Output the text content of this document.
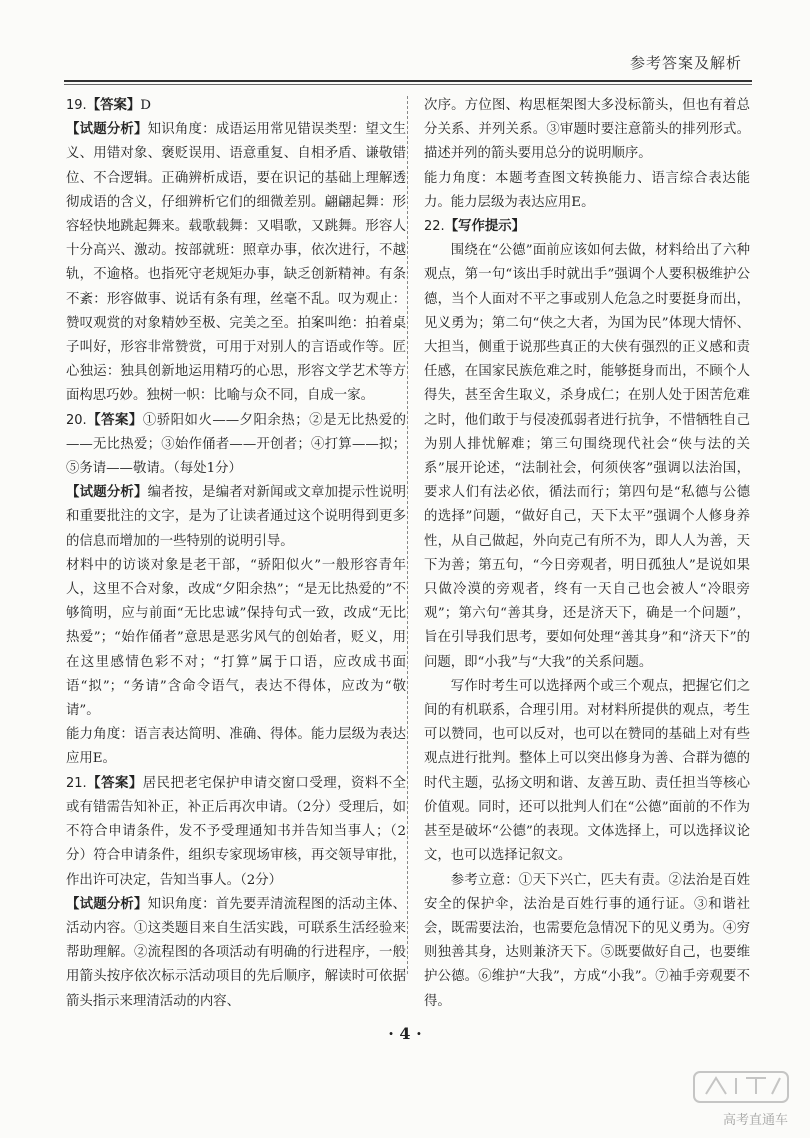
参考答案及解析

19.【答案】D

【试题分析】知识角度：成语运用常见错误类型：望文生义、用错对象、褒贬误用、语意重复、自相矛盾、谦敬错位、不合逻辑。正确辨析成语，要在识记的基础上理解透彻成语的含义，仔细辨析它们的细微差别。翩翩起舞：形容轻快地跳起舞来。载歌载舞：又唱歌，又跳舞。形容人十分高兴、激动。按部就班：照章办事，依次进行，不越轨，不逾格。也指死守老规矩办事，缺乏创新精神。有条不紊：形容做事、说话有条有理，丝毫不乱。叹为观止：赞叹观赏的对象精妙至极、完美之至。拍案叫绝：拍着桌子叫好，形容非常赞赏，可用于对别人的言语或作等。匠心独运：独具创新地运用精巧的心思，形容文学艺术等方面构思巧妙。独树一帜：比喻与众不同，自成一家。

20.【答案】①骄阳如火——夕阳余热；②是无比热爱的——无比热爱；③始作俑者——开创者；④打算——拟；⑤务请——敬请。（每处1分）

【试题分析】编者按，是编者对新闻或文章加提示性说明和重要批注的文字，是为了让读者通过这个说明得到更多的信息而增加的一些特别的说明引导。

材料中的访谈对象是老干部，“骄阳似火”一般形容青年人，这里不合对象，改成“夕阳余热”；“是无比热爱的”不够简明，应与前面“无比忠诚”保持句式一致，改成“无比热爱”；“始作俑者”意思是恶劣风气的创始者，贬义，用在这里感情色彩不对；“打算”属于口语，应改成书面语“拟”；“务请”含命令语气，表达不得体，应改为“敬请”。

能力角度：语言表达简明、准确、得体。能力层级为表达应用E。

21.【答案】居民把老宅保护申请交窗口受理，资料不全或有错需告知补正，补正后再次申请。（2分）受理后，如不符合申请条件，发不予受理通知书并告知当事人；（2分）符合申请条件，组织专家现场审核，再交领导审批，作出许可决定，告知当事人。（2分）

【试题分析】知识角度：首先要弄清流程图的活动主体、活动内容。①这类题目来自生活实践，可联系生活经验来帮助理解。②流程图的各项活动有明确的行进程序，一般用箭头按序依次标示活动项目的先后顺序，解读时可依据箭头指示来理清活动的内容、

次序。方位图、构思框架图大多没标箭头，但也有着总分关系、并列关系。③审题时要注意箭头的排列形式。描述并列的箭头要用总分的说明顺序。

能力角度：本题考查图文转换能力、语言综合表达能力。能力层级为表达应用E。

22.【写作提示】

围绕在“公德”面前应该如何去做，材料给出了六种观点，第一句“该出手时就出手”强调个人要积极维护公德，当个人面对不平之事或别人危急之时要挺身而出，见义勇为；第二句“侠之大者，为国为民”体现大情怀、大担当，侧重于说那些真正的大侠有强烈的正义感和责任感，在国家民族危难之时，能够挺身而出，不顾个人得失，甚至舍生取义，杀身成仁；在别人处于困苦危难之时，他们敢于与侵凌孤弱者进行抗争，不惜牺牲自己为别人排忧解难；第三句围绕现代社会“侠与法的关系”展开论述，“法制社会，何须侠客”强调以法治国，要求人们有法必依，循法而行；第四句是“私德与公德的选择”问题，“做好自己，天下太平”强调个人修身养性，从自己做起，外向克己有所不为，即人人为善，天下为善；第五句，“今日旁观者，明日孤独人”是说如果只做冷漠的旁观者，终有一天自己也会被人“冷眼旁观”；第六句“善其身，还是济天下，确是一个问题”，旨在引导我们思考，要如何处理“善其身”和“济天下”的问题，即“小我”与“大我”的关系问题。

写作时考生可以选择两个或三个观点，把握它们之间的有机联系，合理引用。对材料所提供的观点，考生可以赞同，也可以反对，也可以在赞同的基础上对有些观点进行批判。整体上可以突出修身为善、合群为德的时代主题，弘扬文明和谐、友善互助、责任担当等核心价值观。同时，还可以批判人们在“公德”面前的不作为甚至是破坏“公德”的表现。文体选择上，可以选择议论文，也可以选择记叙文。

参考立意：①天下兴亡，匹夫有责。②法治是百姓安全的保护伞，法治是百姓行事的通行证。③和谐社会，既需要法治，也需要危急情况下的见义勇为。④穷则独善其身，达则兼济天下。⑤既要做好自己，也要维护公德。⑥维护“大我”，方成“小我”。⑦袖手旁观要不得。

· 4 ·
高考直通车
